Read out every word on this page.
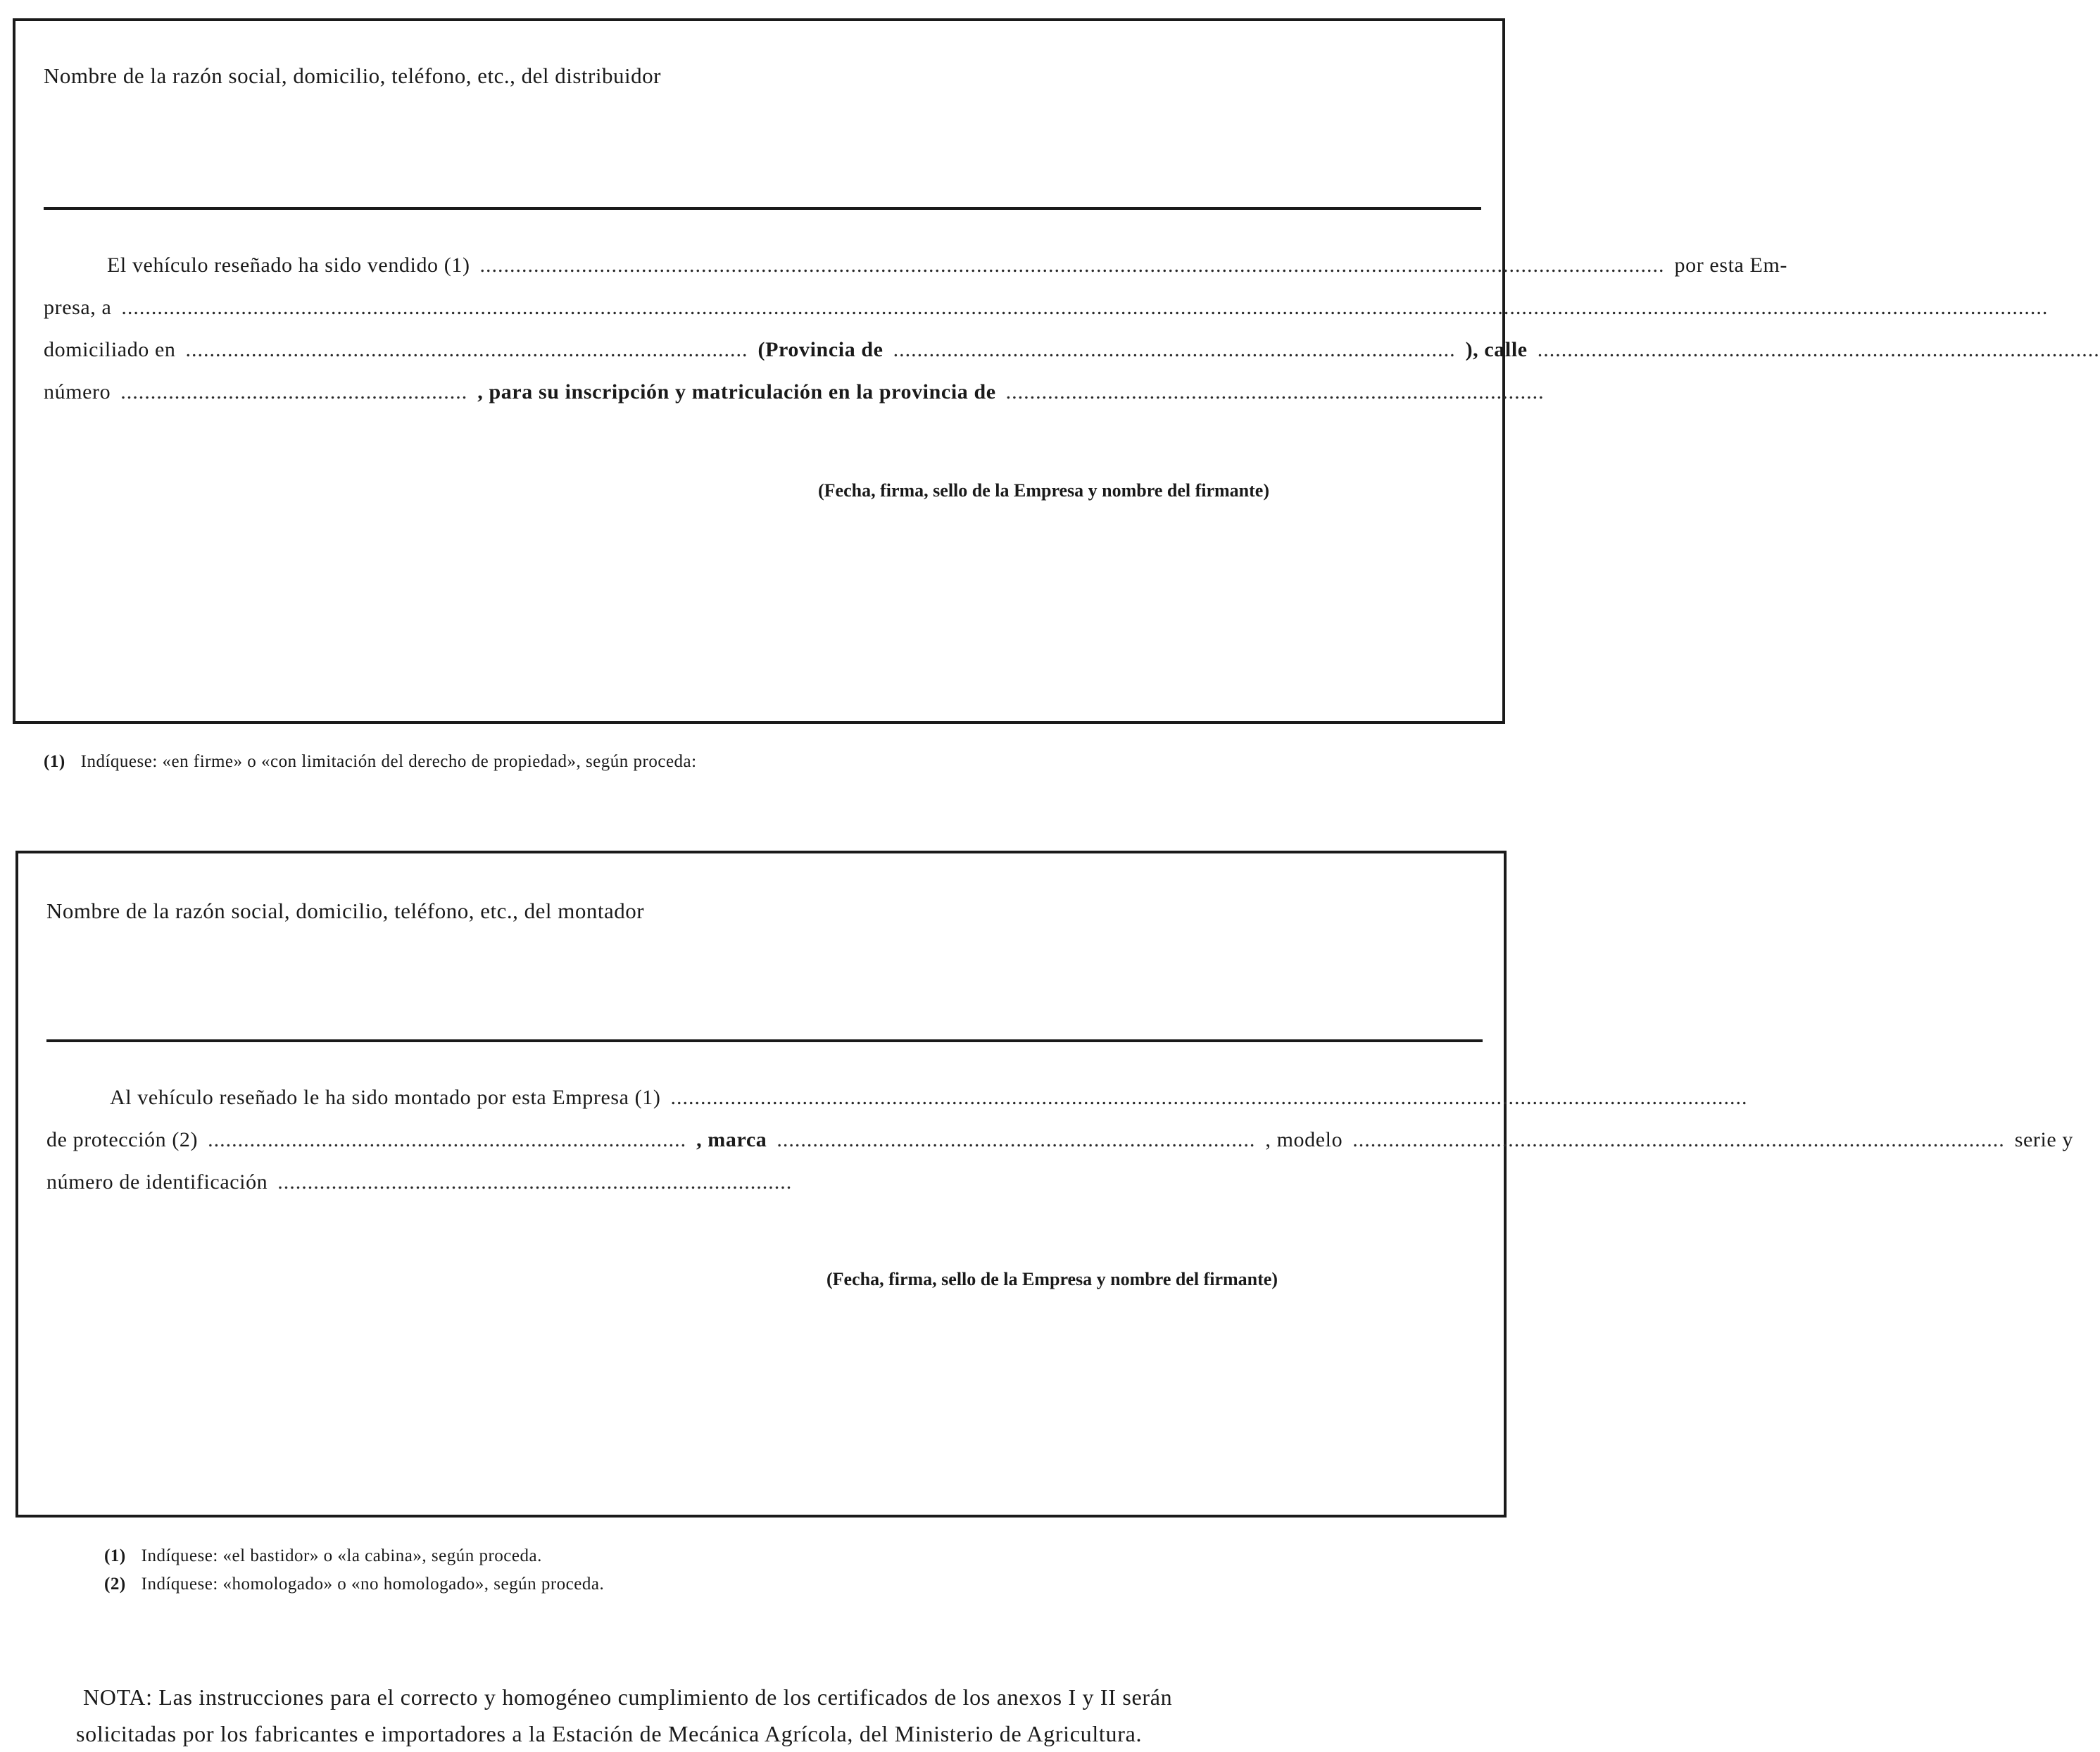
Nombre de la razón social, domicilio, teléfono, etc., del distribuidor
El vehículo reseñado ha sido vendido (1) ...................................................................................................................................................................................................... por esta Em-
presa, a ..................................................................................................................................................................................................................................................................................................................................
domiciliado en .............................................................................................. (Provincia de .............................................................................................. ), calle ..............................................................................................
número .......................................................... , para su inscripción y matriculación en la provincia de ..........................................................................................
(Fecha, firma, sello de la Empresa y nombre del firmante)
(1) Indíquese: «en firme» o «con limitación del derecho de propiedad», según proceda:
Nombre de la razón social, domicilio, teléfono, etc., del montador
Al vehículo reseñado le ha sido montado por esta Empresa (1) ....................................................................................................................................................................................
de protección (2) ................................................................................ , marca ................................................................................ , modelo ............................................................................................................. serie y
número de identificación ......................................................................................
(Fecha, firma, sello de la Empresa y nombre del firmante)
(1) Indíquese: «el bastidor» o «la cabina», según proceda.
(2) Indíquese: «homologado» o «no homologado», según proceda.
NOTA: Las instrucciones para el correcto y homogéneo cumplimiento de los certificados de los anexos I y II serán
solicitadas por los fabricantes e importadores a la Estación de Mecánica Agrícola, del Ministerio de Agricultura.
